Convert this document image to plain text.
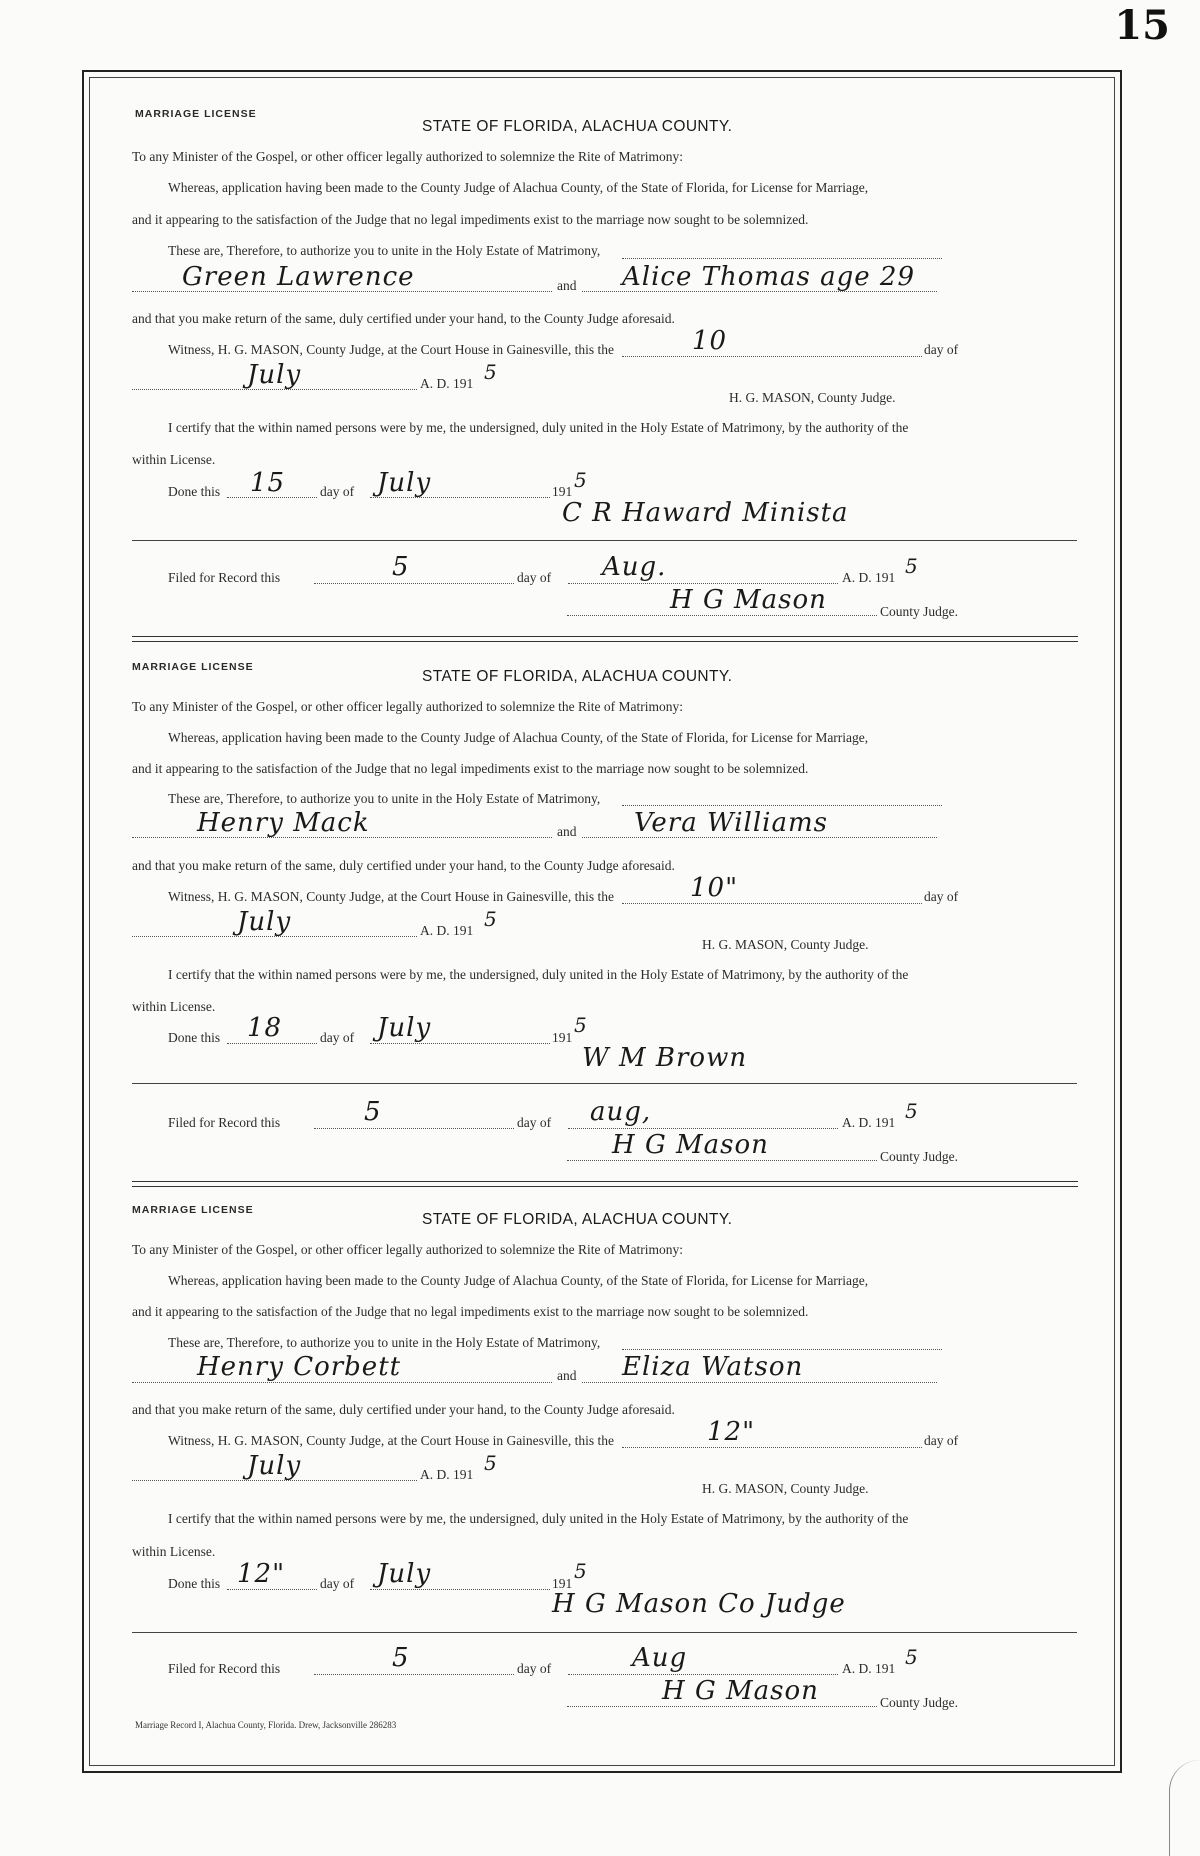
15
MARRIAGE LICENSE
STATE OF FLORIDA, ALACHUA COUNTY.
To any Minister of the Gospel, or other officer legally authorized to solemnize the Rite of Matrimony:
Whereas, application having been made to the County Judge of Alachua County, of the State of Florida, for License for Marriage,
and it appearing to the satisfaction of the Judge that no legal impediments exist to the marriage now sought to be solemnized.
These are, Therefore, to authorize you to unite in the Holy Estate of Matrimony,
Green Lawrence	and Alice Thomas age 29
and that you make return of the same, duly certified under your hand, to the County Judge aforesaid.
Witness, H. G. MASON, County Judge, at the Court House in Gainesville, this the	10	day of
July	A. D. 191 5
H. G. MASON, County Judge.
I certify that the within named persons were by me, the undersigned, duly united in the Holy Estate of Matrimony, by the authority of the
within License.
Done this 15	day of July	191 5
C R Haward Minista
Filed for Record this	5	day of Aug.	A. D. 191 5
H G Mason	County Judge.
MARRIAGE LICENSE
STATE OF FLORIDA, ALACHUA COUNTY.
To any Minister of the Gospel, or other officer legally authorized to solemnize the Rite of Matrimony:
Whereas, application having been made to the County Judge of Alachua County, of the State of Florida, for License for Marriage,
and it appearing to the satisfaction of the Judge that no legal impediments exist to the marriage now sought to be solemnized.
These are, Therefore, to authorize you to unite in the Holy Estate of Matrimony,
Henry Mack	and Vera Williams
and that you make return of the same, duly certified under your hand, to the County Judge aforesaid.
Witness, H. G. MASON, County Judge, at the Court House in Gainesville, this the	10"	day of
July	A. D. 191 5
H. G. MASON, County Judge.
I certify that the within named persons were by me, the undersigned, duly united in the Holy Estate of Matrimony, by the authority of the
within License.
Done this 18	day of July	191
5
W M Brown
Filed for Record this	5	day of aug,	A. D. 191 5
H G Mason	County Judge.
MARRIAGE LICENSE
STATE OF FLORIDA, ALACHUA COUNTY.
To any Minister of the Gospel, or other officer legally authorized to solemnize the Rite of Matrimony:
Whereas, application having been made to the County Judge of Alachua County, of the State of Florida, for License for Marriage,
and it appearing to the satisfaction of the Judge that no legal impediments exist to the marriage now sought to be solemnized.
These are, Therefore, to authorize you to unite in the Holy Estate of Matrimony,
Henry Corbett	and Eliza Watson
and that you make return of the same, duly certified under your hand, to the County Judge aforesaid.
Witness, H. G. MASON, County Judge, at the Court House in Gainesville, this the	12"	day of
July	A. D. 191 5
H. G. MASON, County Judge.
I certify that the within named persons were by me, the undersigned, duly united in the Holy Estate of Matrimony, by the authority of the
within License.
Done this 12"	day of July	191
5
H G Mason Co Judge
Filed for Record this	5	day of	Aug	A. D. 191 5
H G Mason	County Judge.
Marriage Record I, Alachua County, Florida. Drew, Jacksonville 286283
